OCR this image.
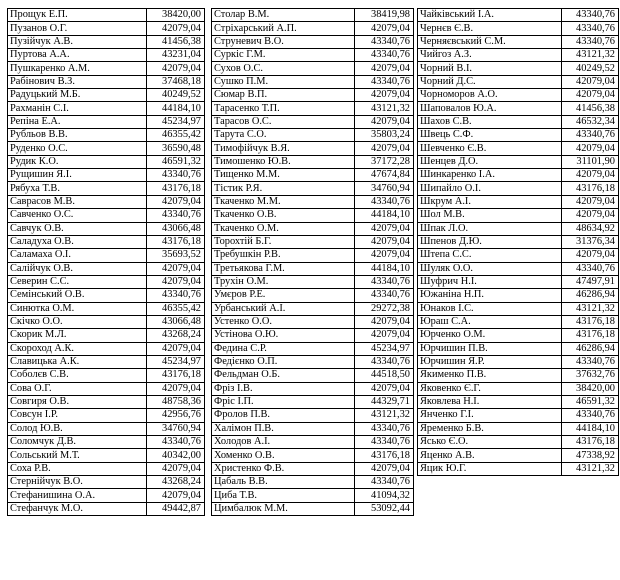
Прощук Е.П.	38420,00
Пузанов О.Г.	42079,04
Пузійчук А.В.	41456,38
Пуртова А.А.	43231,04
Пушкаренко А.М.	42079,04
Рабінович В.З.	37468,18
Радуцький М.Б.	40249,52
Рахманін С.І.	44184,10
Репіна Е.А.	45234,97
Рубльов В.В.	46355,42
Руденко О.С.	36590,48
Рудик К.О.	46591,32
Рущишин Я.І.	43340,76
Рябуха Т.В.	43176,18
Саврасов М.В.	42079,04
Савченко О.С.	43340,76
Савчук О.В.	43066,48
Саладуха О.В.	43176,18
Саламаха О.І.	35693,52
Салійчук О.В.	42079,04
Северин С.С.	42079,04
Семінський О.В.	43340,76
Синютка О.М.	46355,42
Скічко О.О.	43066,48
Скорик М.Л.	43268,24
Скороход А.К.	42079,04
Славицька А.К.	45234,97
Соболєв С.В.	43176,18
Сова О.Г.	42079,04
Совгиря О.В.	48758,36
Совсун І.Р.	42956,76
Солод Ю.В.	34760,94
Соломчук Д.В.	43340,76
Сольський М.Т.	40342,00
Соха Р.В.	42079,04
Стернійчук В.О.	43268,24
Стефанишина О.А.	42079,04
Стефанчук М.О.	49442,87
Столар В.М.	38419,98
Стріхарський А.П.	42079,04
Струневич В.О.	43340,76
Суркіс Г.М.	43340,76
Сухов О.С.	42079,04
Сушко П.М.	43340,76
Сюмар В.П.	42079,04
Тарасенко Т.П.	43121,32
Тарасов О.С.	42079,04
Тарута С.О.	35803,24
Тимофійчук В.Я.	42079,04
Тимошенко Ю.В.	37172,28
Тищенко М.М.	47674,84
Тістик Р.Я.	34760,94
Ткаченко М.М.	43340,76
Ткаченко О.В.	44184,10
Ткаченко О.М.	42079,04
Торохтій Б.Г.	42079,04
Требушкін Р.В.	42079,04
Третьякова Г.М.	44184,10
Трухін О.М.	43340,76
Умєров Р.Е.	43340,76
Урбанський А.І.	29272,38
Устенко О.О.	42079,04
Устінова О.Ю.	42079,04
Федина С.Р.	45234,97
Федієнко О.П.	43340,76
Фельдман О.Б.	44518,50
Фріз І.В.	42079,04
Фріс І.П.	44329,71
Фролов П.В.	43121,32
Халімон П.В.	43340,76
Холодов А.І.	43340,76
Хоменко О.В.	43176,18
Христенко Ф.В.	42079,04
Цабаль В.В.	43340,76
Циба Т.В.	41094,32
Цимбалюк М.М.	53092,44
Чайківський І.А.	43340,76
Чернєв Є.В.	43340,76
Черняєвський С.М.	43340,76
Чийгоз А.З.	43121,32
Чорний В.І.	40249,52
Чорний Д.С.	42079,04
Чорноморов А.О.	42079,04
Шаповалов Ю.А.	41456,38
Шахов С.В.	46532,34
Швець С.Ф.	43340,76
Шевченко Є.В.	42079,04
Шенцев Д.О.	31101,90
Шинкаренко І.А.	42079,04
Шипайло О.І.	43176,18
Шкрум А.І.	42079,04
Шол М.В.	42079,04
Шпак Л.О.	48634,92
Шпенов Д.Ю.	31376,34
Штепа С.С.	42079,04
Шуляк О.О.	43340,76
Шуфрич Н.І.	47497,91
Южаніна Н.П.	46286,94
Юнаков І.С.	43121,32
Юраш С.А.	43176,18
Юрченко О.М.	43176,18
Юрчишин П.В.	46286,94
Юрчишин Я.Р.	43340,76
Якименко П.В.	37632,76
Яковенко Є.Г.	38420,00
Яковлева Н.І.	46591,32
Янченко Г.І.	43340,76
Яременко Б.В.	44184,10
Ясько Є.О.	43176,18
Яценко А.В.	47338,92
Яцик Ю.Г.	43121,32
